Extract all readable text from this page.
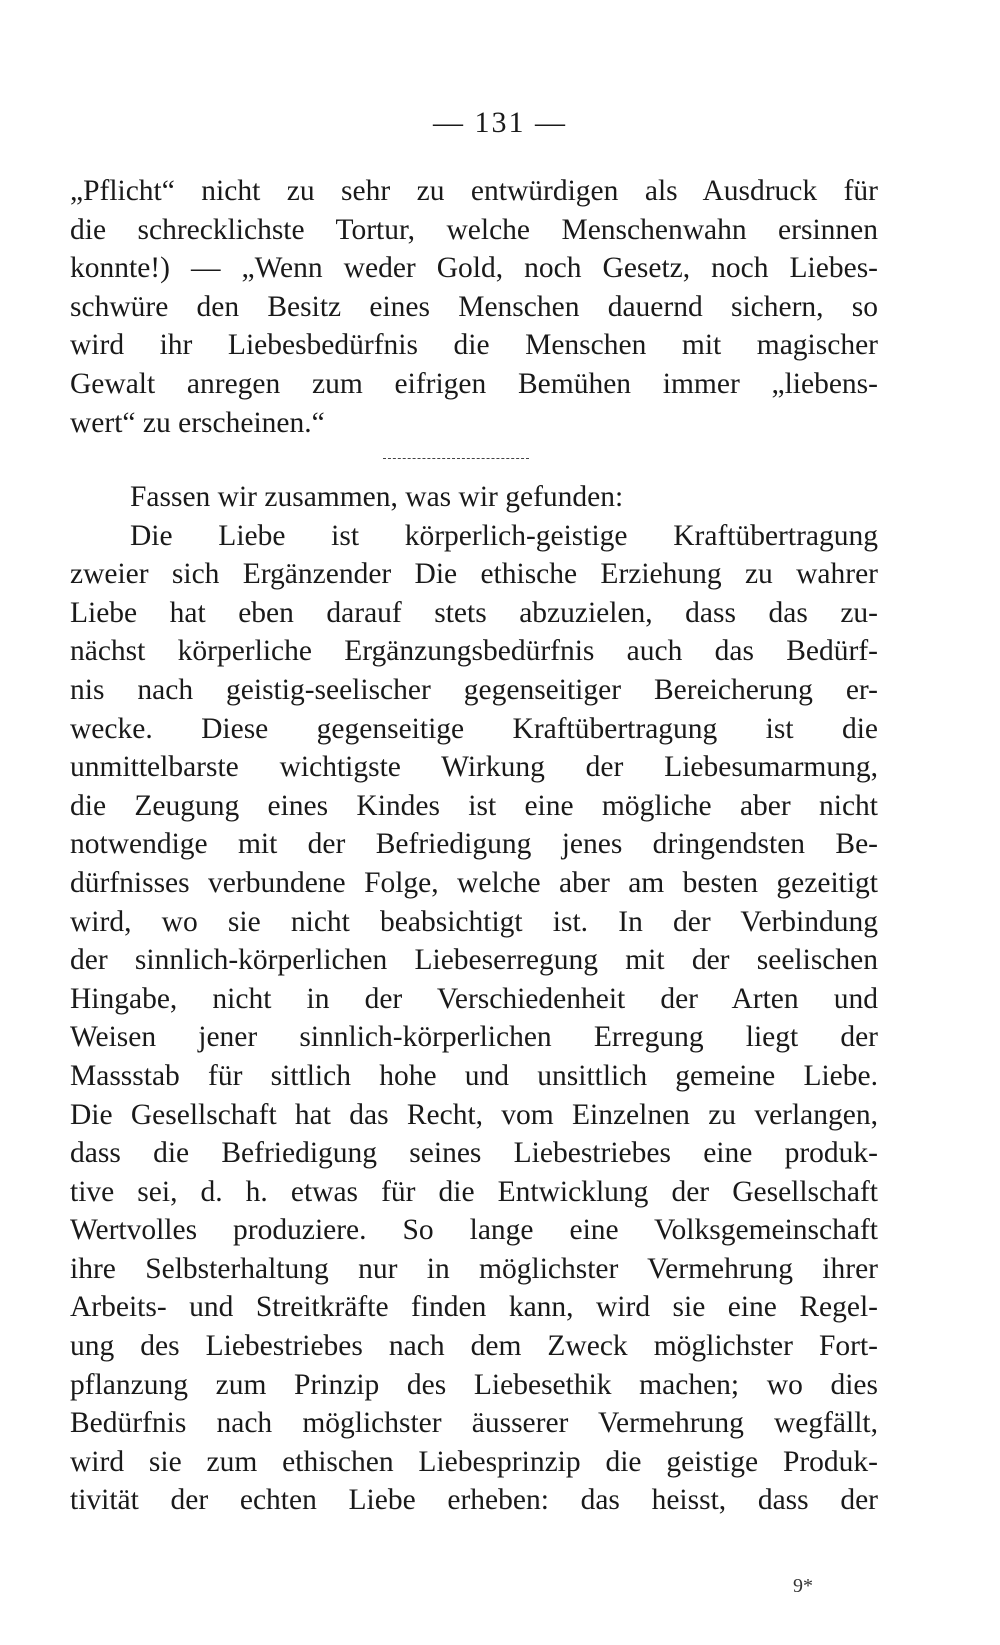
— 131 —
„Pflicht“ nicht zu sehr zu entwürdigen als Ausdruck für
die schrecklichste Tortur, welche Menschenwahn ersinnen
konnte!) — „Wenn weder Gold, noch Gesetz, noch Liebes-
schwüre den Besitz eines Menschen dauernd sichern, so
wird ihr Liebesbedürfnis die Menschen mit magischer
Gewalt anregen zum eifrigen Bemühen immer „liebens-
wert“ zu erscheinen.“
Fassen wir zusammen, was wir gefunden:
Die Liebe ist körperlich-geistige Kraftübertragung
zweier sich Ergänzender Die ethische Erziehung zu wahrer
Liebe hat eben darauf stets abzuzielen, dass das zu-
nächst körperliche Ergänzungsbedürfnis auch das Bedürf-
nis nach geistig-seelischer gegenseitiger Bereicherung er-
wecke. Diese gegenseitige Kraftübertragung ist die
unmittelbarste wichtigste Wirkung der Liebesumarmung,
die Zeugung eines Kindes ist eine mögliche aber nicht
notwendige mit der Befriedigung jenes dringendsten Be-
dürfnisses verbundene Folge, welche aber am besten gezeitigt
wird, wo sie nicht beabsichtigt ist. In der Verbindung
der sinnlich-körperlichen Liebeserregung mit der seelischen
Hingabe, nicht in der Verschiedenheit der Arten und
Weisen jener sinnlich-körperlichen Erregung liegt der
Massstab für sittlich hohe und unsittlich gemeine Liebe.
Die Gesellschaft hat das Recht, vom Einzelnen zu verlangen,
dass die Befriedigung seines Liebestriebes eine produk-
tive sei, d. h. etwas für die Entwicklung der Gesellschaft
Wertvolles produziere. So lange eine Volksgemeinschaft
ihre Selbsterhaltung nur in möglichster Vermehrung ihrer
Arbeits- und Streitkräfte finden kann, wird sie eine Regel-
ung des Liebestriebes nach dem Zweck möglichster Fort-
pflanzung zum Prinzip des Liebesethik machen; wo dies
Bedürfnis nach möglichster äusserer Vermehrung wegfällt,
wird sie zum ethischen Liebesprinzip die geistige Produk-
tivität der echten Liebe erheben: das heisst, dass der
9*
